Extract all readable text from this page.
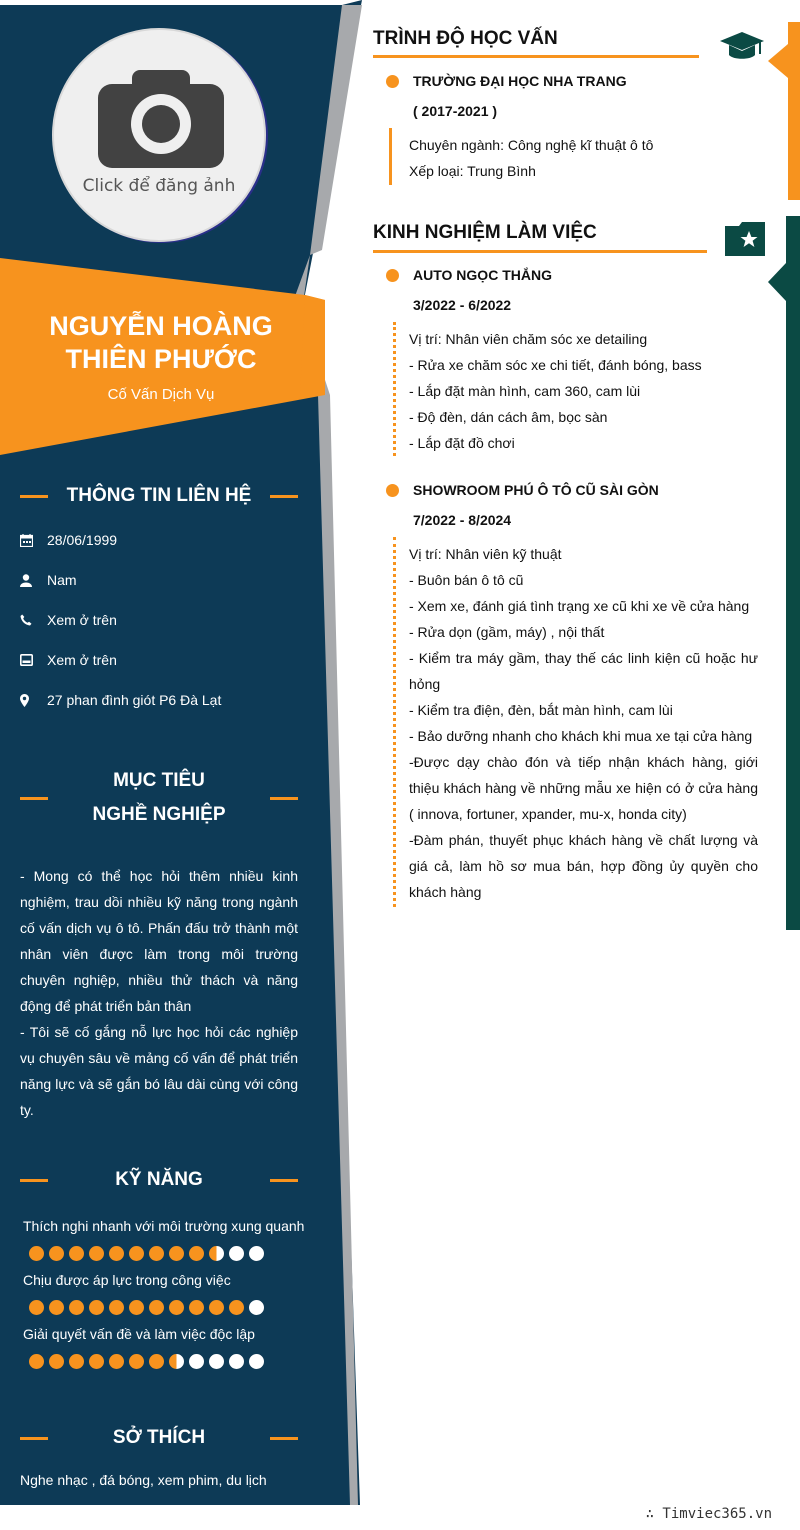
Click để đăng ảnh
NGUYỄN HOÀNG THIÊN PHƯỚC
Cố Vấn Dịch Vụ
THÔNG TIN LIÊN HỆ
28/06/1999
Nam
Xem ở trên
Xem ở trên
27 phan đình giót P6 Đà Lạt
MỤC TIÊU NGHỀ NGHIỆP
- Mong có thể học hỏi thêm nhiều kinh nghiệm, trau dồi nhiều kỹ năng trong ngành cố vấn dịch vụ ô tô. Phấn đấu trở thành một nhân viên được làm trong môi trường chuyên nghiệp, nhiều thử thách và năng động để phát triển bản thân
- Tôi sẽ cố gắng nỗ lực học hỏi các nghiệp vụ chuyên sâu về mảng cố vấn để phát triển năng lực và sẽ gắn bó lâu dài cùng với công ty.
KỸ NĂNG
Thích nghi nhanh với môi trường xung quanh
Chịu được áp lực trong công việc
Giải quyết vấn đề và làm việc độc lập
SỞ THÍCH
Nghe nhạc , đá bóng, xem phim, du lịch
TRÌNH ĐỘ HỌC VẤN
TRƯỜNG ĐẠI HỌC NHA TRANG
( 2017-2021 )
Chuyên ngành: Công nghệ kĩ thuật ô tô
Xếp loại: Trung Bình
KINH NGHIỆM LÀM VIỆC
AUTO NGỌC THẮNG
3/2022 - 6/2022
Vị trí: Nhân viên chăm sóc xe detailing
- Rửa xe chăm sóc xe chi tiết, đánh bóng, bass
- Lắp đặt màn hình, cam 360, cam lùi
- Độ đèn, dán cách âm, bọc sàn
- Lắp đặt đồ chơi
SHOWROOM PHÚ Ô TÔ CŨ SÀI GÒN
7/2022 - 8/2024
Vị trí: Nhân viên kỹ thuật
- Buôn bán ô tô cũ
- Xem xe, đánh giá tình trạng xe cũ khi xe về cửa hàng
- Rửa dọn (gầm, máy) , nội thất
- Kiểm tra máy gầm, thay thế các linh kiện cũ hoặc hư hỏng
- Kiểm tra điện, đèn, bắt màn hình, cam lùi
- Bảo dưỡng nhanh cho khách khi mua xe tại cửa hàng
-Được dạy chào đón và tiếp nhận khách hàng, giới thiệu khách hàng về những mẫu xe hiện có ở cửa hàng ( innova, fortuner, xpander, mu-x, honda city)
-Đàm phán, thuyết phục khách hàng về chất lượng và giá cả, làm hồ sơ mua bán, hợp đồng ủy quyền cho khách hàng
∴ Timviec365.vn
